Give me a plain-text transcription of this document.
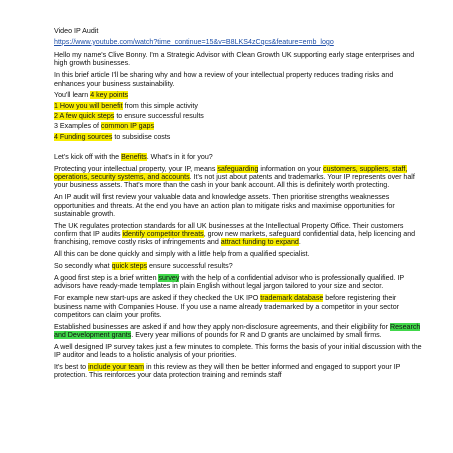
Video IP Audit

https://www.youtube.com/watch?time_continue=15&v=B8LKS4zCqcs&feature=emb_logo

Hello my name's Clive Bonny. I'm a Strategic Advisor with Clean Growth UK supporting early stage enterprises and high growth businesses.

In this brief article I'll be sharing why and how a review of your intellectual property reduces trading risks and enhances your business sustainability.

You'll learn 4 key points

1 How you will benefit from this simple activity

2 A few quick steps to ensure successful results

3 Examples of common IP gaps

4 Funding sources to subsidise costs

Let's kick off with the Benefits. What's in it for you?

Protecting your intellectual property, your IP, means safeguarding information on your customers, suppliers, staff, operations, security systems, and accounts. It's not just about patents and trademarks. Your IP represents over half your business assets. That's more than the cash in your bank account. All this is definitely worth protecting.

An IP audit will first review your valuable data and knowledge assets. Then prioritise strengths weaknesses opportunities and threats. At the end you have an action plan to mitigate risks and maximise opportunities for sustainable growth.

The UK regulates protection standards for all UK businesses at the Intellectual Property Office. Their customers confirm that IP audits identify competitor threats, grow new markets, safeguard confidential data, help licencing and franchising, remove costly risks of infringements and attract funding to expand.

All this can be done quickly and simply with a little help from a qualified specialist.

So secondly what quick steps ensure successful results?

A good first step is a brief written survey with the help of a confidential advisor who is professionally qualified. IP advisors have ready-made templates in plain English without legal jargon tailored to your size and sector.

For example new start-ups are asked if they checked the UK IPO trademark database before registering their business name with Companies House. If you use a name already trademarked by a competitor in your sector competitors can claim your profits.

Established businesses are asked if and how they apply non-disclosure agreements, and their eligibility for Research and Development grants. Every year millions of pounds for R and D grants are unclaimed by small firms.

A well designed IP survey takes just a few minutes to complete. This forms the basis of your initial discussion with the IP auditor and leads to a holistic analysis of your priorities.

It's best to include your team in this review as they will then be better informed and engaged to support your IP protection. This reinforces your data protection training and reminds staff
